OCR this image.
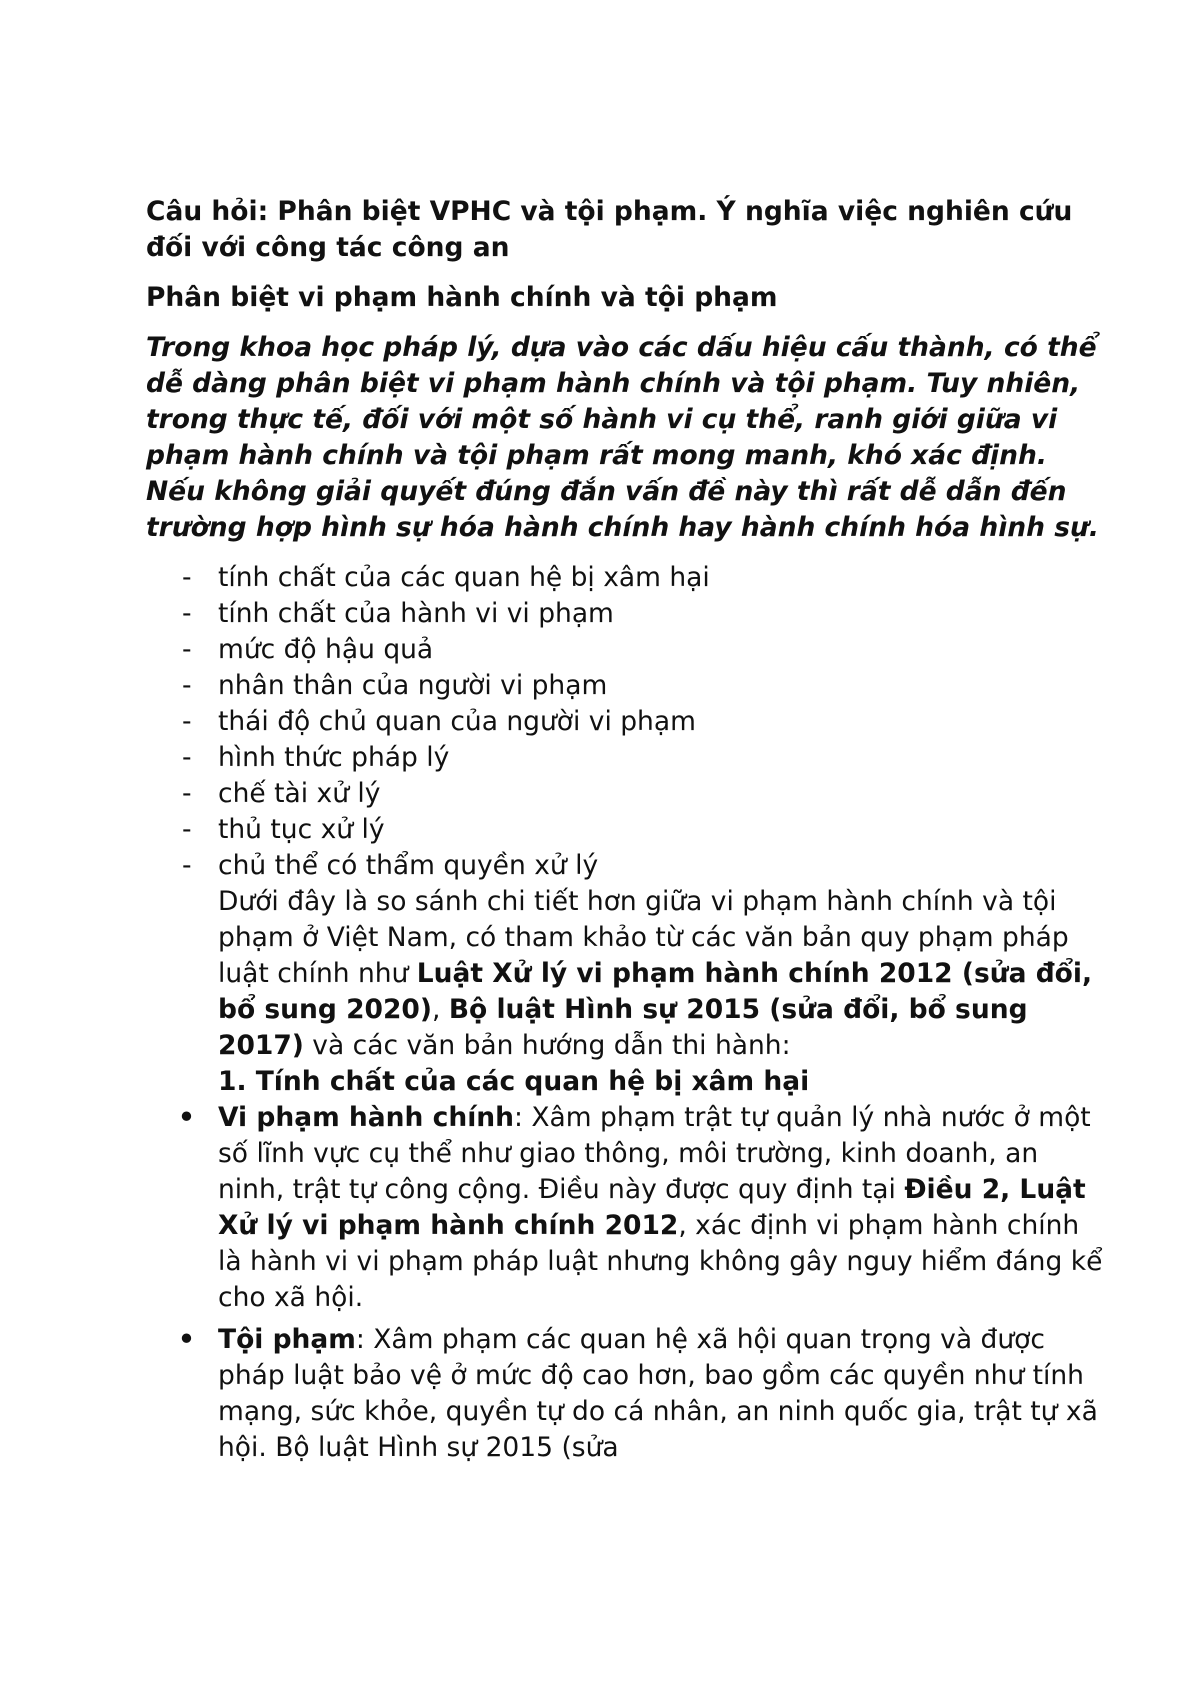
Câu hỏi: Phân biệt VPHC và tội phạm. Ý nghĩa việc nghiên cứu đối với công tác công an

Phân biệt vi phạm hành chính và tội phạm

Trong khoa học pháp lý, dựa vào các dấu hiệu cấu thành, có thể dễ dàng phân biệt vi phạm hành chính và tội phạm. Tuy nhiên, trong thực tế, đối với một số hành vi cụ thể, ranh giới giữa vi phạm hành chính và tội phạm rất mong manh, khó xác định. Nếu không giải quyết đúng đắn vấn đề này thì rất dễ dẫn đến trường hợp hình sự hóa hành chính hay hành chính hóa hình sự.

- tính chất của các quan hệ bị xâm hại
- tính chất của hành vi vi phạm
- mức độ hậu quả
- nhân thân của người vi phạm
- thái độ chủ quan của người vi phạm
- hình thức pháp lý
- chế tài xử lý
- thủ tục xử lý
- chủ thể có thẩm quyền xử lý

Dưới đây là so sánh chi tiết hơn giữa vi phạm hành chính và tội phạm ở Việt Nam, có tham khảo từ các văn bản quy phạm pháp luật chính như Luật Xử lý vi phạm hành chính 2012 (sửa đổi, bổ sung 2020), Bộ luật Hình sự 2015 (sửa đổi, bổ sung 2017) và các văn bản hướng dẫn thi hành:

1. Tính chất của các quan hệ bị xâm hại

• Vi phạm hành chính: Xâm phạm trật tự quản lý nhà nước ở một số lĩnh vực cụ thể như giao thông, môi trường, kinh doanh, an ninh, trật tự công cộng. Điều này được quy định tại Điều 2, Luật Xử lý vi phạm hành chính 2012, xác định vi phạm hành chính là hành vi vi phạm pháp luật nhưng không gây nguy hiểm đáng kể cho xã hội.
• Tội phạm: Xâm phạm các quan hệ xã hội quan trọng và được pháp luật bảo vệ ở mức độ cao hơn, bao gồm các quyền như tính mạng, sức khỏe, quyền tự do cá nhân, an ninh quốc gia, trật tự xã hội. Bộ luật Hình sự 2015 (sửa
